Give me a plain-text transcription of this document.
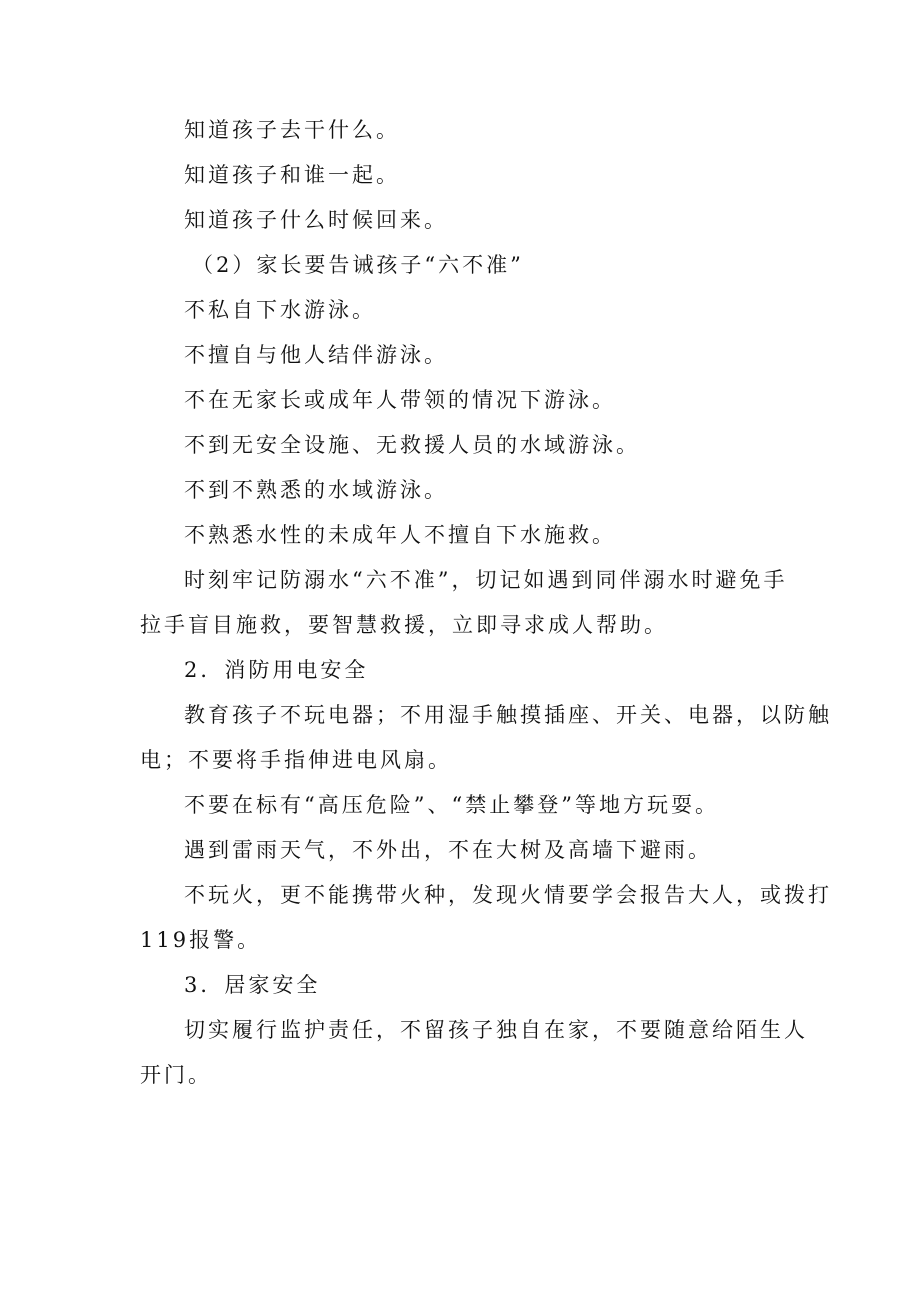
知道孩子去干什么。
知道孩子和谁一起。
知道孩子什么时候回来。
（2）家长要告诫孩子“六不准”
不私自下水游泳。
不擅自与他人结伴游泳。
不在无家长或成年人带领的情况下游泳。
不到无安全设施、无救援人员的水域游泳。
不到不熟悉的水域游泳。
不熟悉水性的未成年人不擅自下水施救。
时刻牢记防溺水“六不准”，切记如遇到同伴溺水时避免手
拉手盲目施救，要智慧救援，立即寻求成人帮助。
2．消防用电安全
教育孩子不玩电器；不用湿手触摸插座、开关、电器，以防触
电；不要将手指伸进电风扇。
不要在标有“高压危险”、“禁止攀登”等地方玩耍。
遇到雷雨天气，不外出，不在大树及高墙下避雨。
不玩火，更不能携带火种，发现火情要学会报告大人，或拨打
119报警。
3．居家安全
切实履行监护责任，不留孩子独自在家，不要随意给陌生人
开门。
